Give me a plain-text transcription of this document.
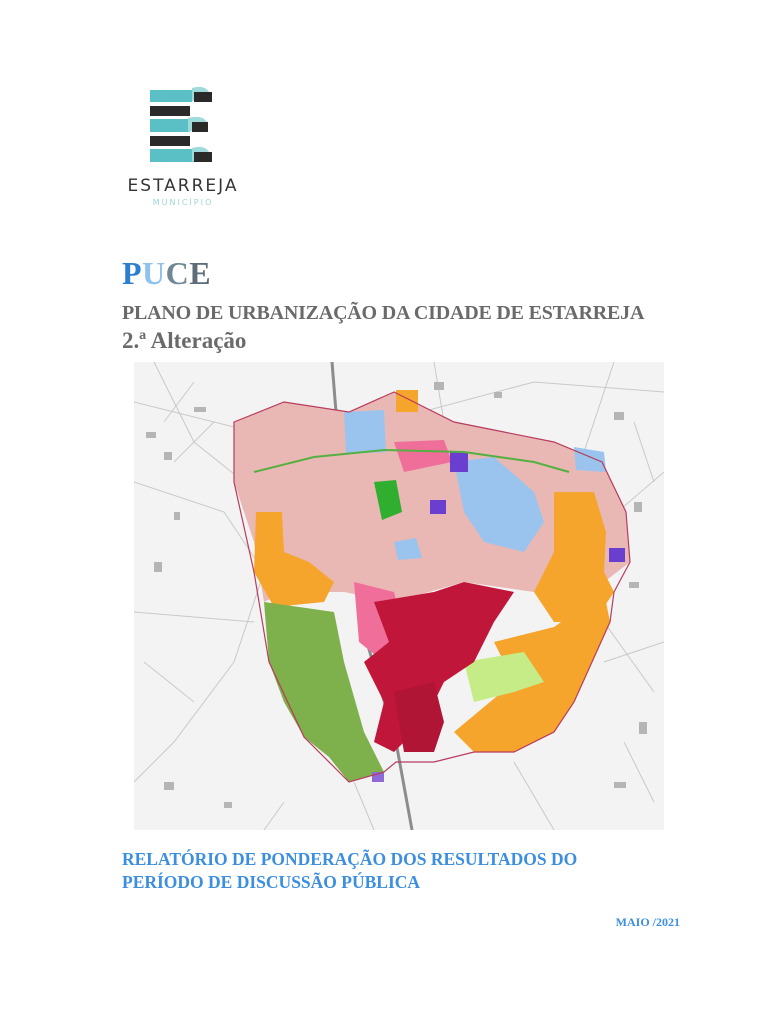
ESTARREJA
MUNICÍPIO
PUCE
PLANO DE URBANIZAÇÃO DA CIDADE DE ESTARREJA
2.ª Alteração
RELATÓRIO DE PONDERAÇÃO DOS RESULTADOS DO
PERÍODO DE DISCUSSÃO PÚBLICA
MAIO /2021
